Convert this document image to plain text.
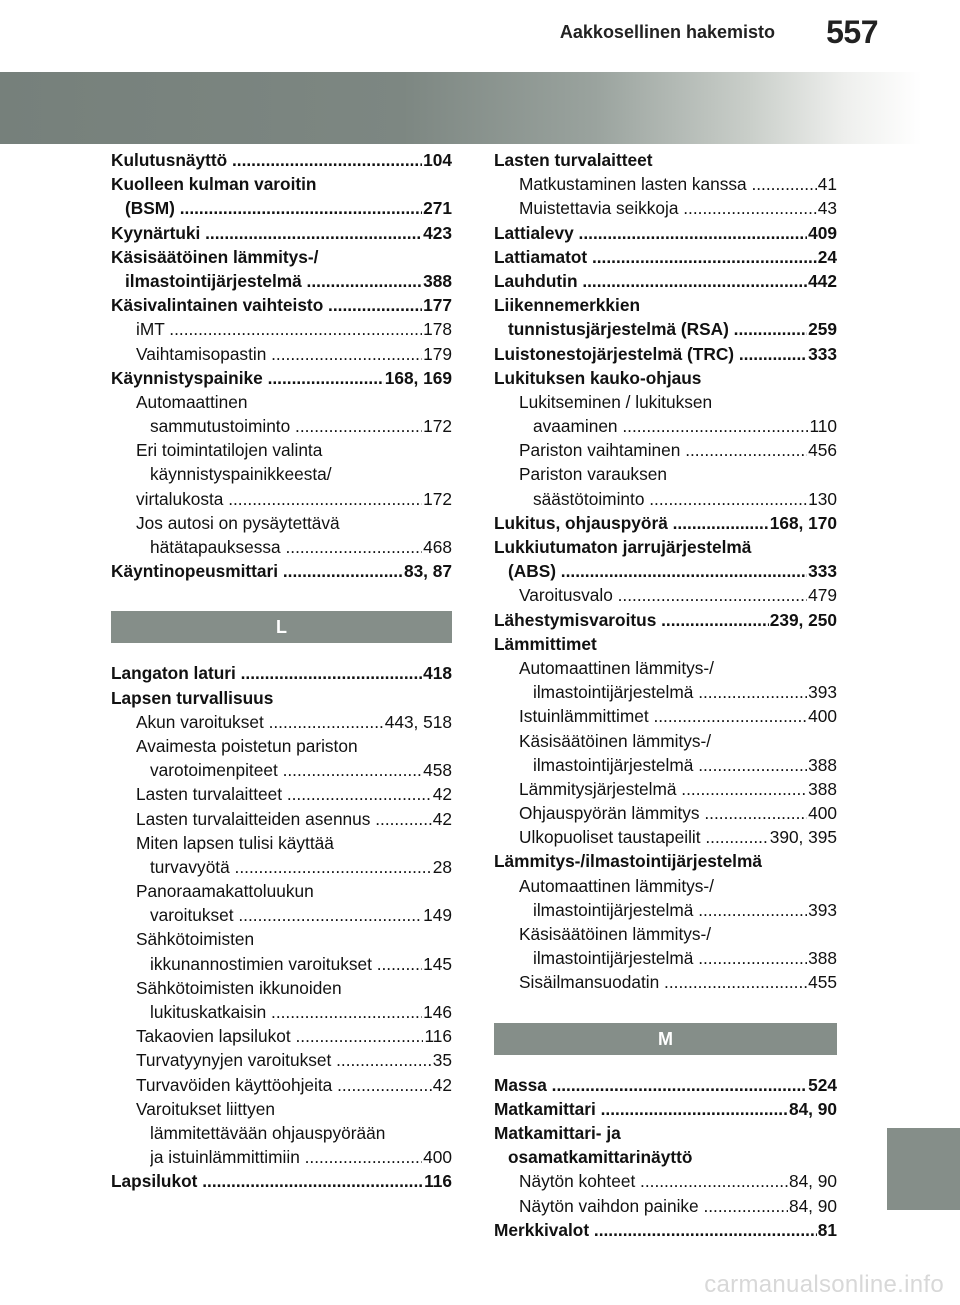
Aakkosellinen hakemisto 557
Kulutusnäyttö .....	104
Kuolleen kulman varoitin
(BSM) .....	271
Kyynärtuki .....	423
Käsisäätöinen lämmitys-/
ilmastointijärjestelmä .....	388
Käsivalintainen vaihteisto .....	177
iMT .....	178
Vaihtamisopastin .....	179
Käynnistyspainike .....	168, 169
Automaattinen
sammutustoiminto .....	172
Eri toimintatilojen valinta
käynnistyspainikkeesta/
virtalukosta .....	172
Jos autosi on pysäytettävä
hätätapauksessa .....	468
Käyntinopeusmittari .....	83, 87
L
Langaton laturi .....	418
Lapsen turvallisuus
Akun varoitukset .....	443, 518
Avaimesta poistetun pariston
varotoimenpiteet .....	458
Lasten turvalaitteet .....	42
Lasten turvalaitteiden asennus .....	42
Miten lapsen tulisi käyttää
turvavyötä .....	28
Panoraamakattoluukun
varoitukset .....	149
Sähkötoimisten
ikkunannostimien varoitukset .....	145
Sähkötoimisten ikkunoiden
lukituskatkaisin .....	146
Takaovien lapsilukot .....	116
Turvatyynyjen varoitukset .....	35
Turvavöiden käyttöohjeita .....	42
Varoitukset liittyen
lämmitettävään ohjauspyörään
ja istuinlämmittimiin .....	400
Lapsilukot .....	116
Lasten turvalaitteet
Matkustaminen lasten kanssa .....	41
Muistettavia seikkoja .....	43
Lattialevy .....	409
Lattiamatot .....	24
Lauhdutin .....	442
Liikennemerkkien
tunnistusjärjestelmä (RSA) .....	259
Luistonestojärjestelmä (TRC) .....	333
Lukituksen kauko-ohjaus
Lukitseminen / lukituksen
avaaminen .....	110
Pariston vaihtaminen .....	456
Pariston varauksen
säästötoiminto .....	130
Lukitus, ohjauspyörä .....	168, 170
Lukkiutumaton jarrujärjestelmä
(ABS) .....	333
Varoitusvalo .....	479
Lähestymisvaroitus .....	239, 250
Lämmittimet
Automaattinen lämmitys-/
ilmastointijärjestelmä .....	393
Istuinlämmittimet .....	400
Käsisäätöinen lämmitys-/
ilmastointijärjestelmä .....	388
Lämmitysjärjestelmä .....	388
Ohjauspyörän lämmitys .....	400
Ulkopuoliset taustapeilit .....	390, 395
Lämmitys-/ilmastointijärjestelmä
Automaattinen lämmitys-/
ilmastointijärjestelmä .....	393
Käsisäätöinen lämmitys-/
ilmastointijärjestelmä .....	388
Sisäilmansuodatin .....	455
M
Massa .....	524
Matkamittari .....	84, 90
Matkamittari- ja
osamatkamittarinäyttö
Näytön kohteet .....	84, 90
Näytön vaihdon painike .....	84, 90
Merkkivalot .....	81
carmanualsonline.info
